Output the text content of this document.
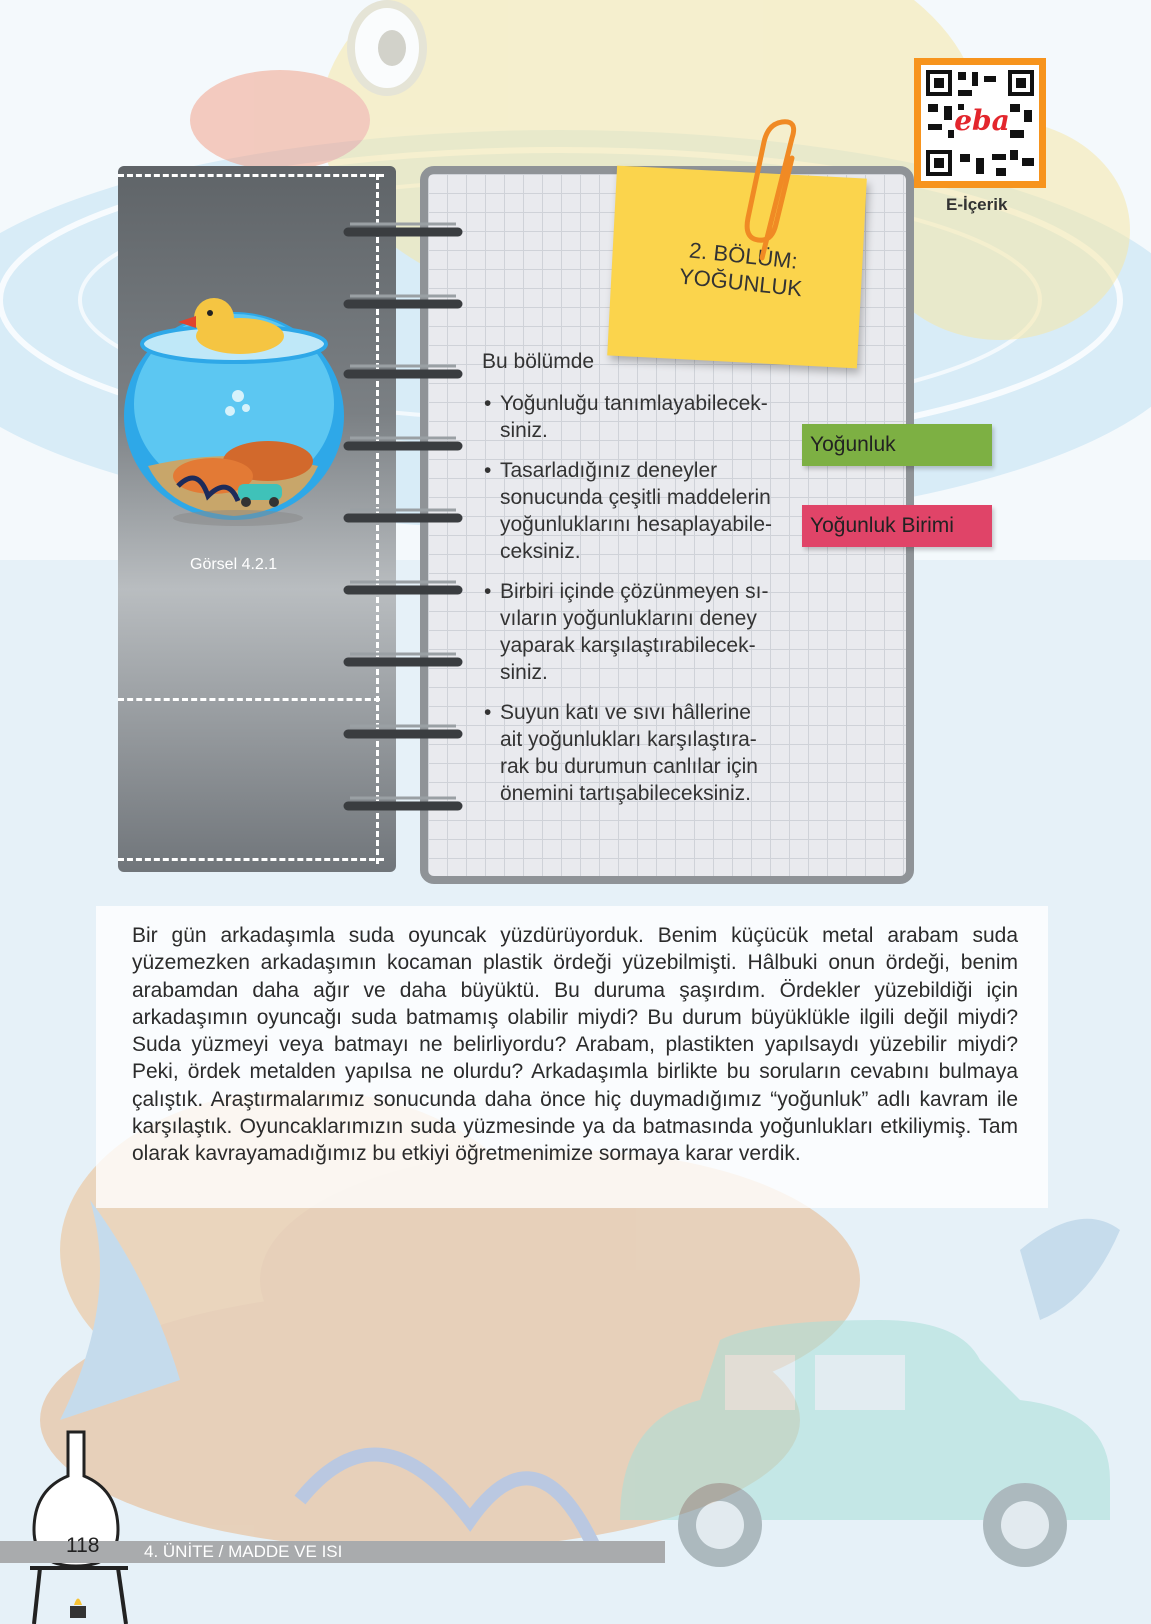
Görsel 4.2.1
2. BÖLÜM:
YOĞUNLUK
Bu bölümde
• Yoğunluğu tanımlayabilecek-
siniz.
• Tasarladığınız deneyler
sonucunda çeşitli maddelerin
yoğunluklarını hesaplayabile-
ceksiniz.
• Birbiri içinde çözünmeyen sı-
vıların yoğunluklarını deney
yaparak karşılaştırabilecek-
siniz.
• Suyun katı ve sıvı hâllerine
ait yoğunlukları karşılaştıra-
rak bu durumun canlılar için
önemini tartışabileceksiniz.
Yoğunluk
Yoğunluk Birimi
eba
E-İçerik

Bir gün arkadaşımla suda oyuncak yüzdürüyorduk. Benim küçücük metal arabam suda yüzemezken arkadaşımın kocaman plastik ördeği yüzebilmişti. Hâlbuki onun ördeği, benim arabamdan daha ağır ve daha büyüktü. Bu duruma şaşırdım. Ördekler yüzebildiği için arkadaşımın oyuncağı suda batmamış olabilir miydi? Bu durum büyüklükle ilgili değil miydi? Suda yüzmeyi veya batmayı ne belirliyordu? Arabam, plastikten yapılsaydı yüzebilir miydi? Peki, ördek metalden yapılsa ne olurdu? Arkadaşımla birlikte bu soruların cevabını bulmaya çalıştık. Araştırmalarımız sonucunda daha önce hiç duymadığımız “yoğunluk” adlı kavram ile karşılaştık. Oyuncaklarımızın suda yüzmesinde ya da batmasında yoğunlukları etkiliymiş. Tam olarak kavrayamadığımız bu etkiyi öğretmenimize sormaya karar verdik.

118	4. ÜNİTE / MADDE VE ISI
